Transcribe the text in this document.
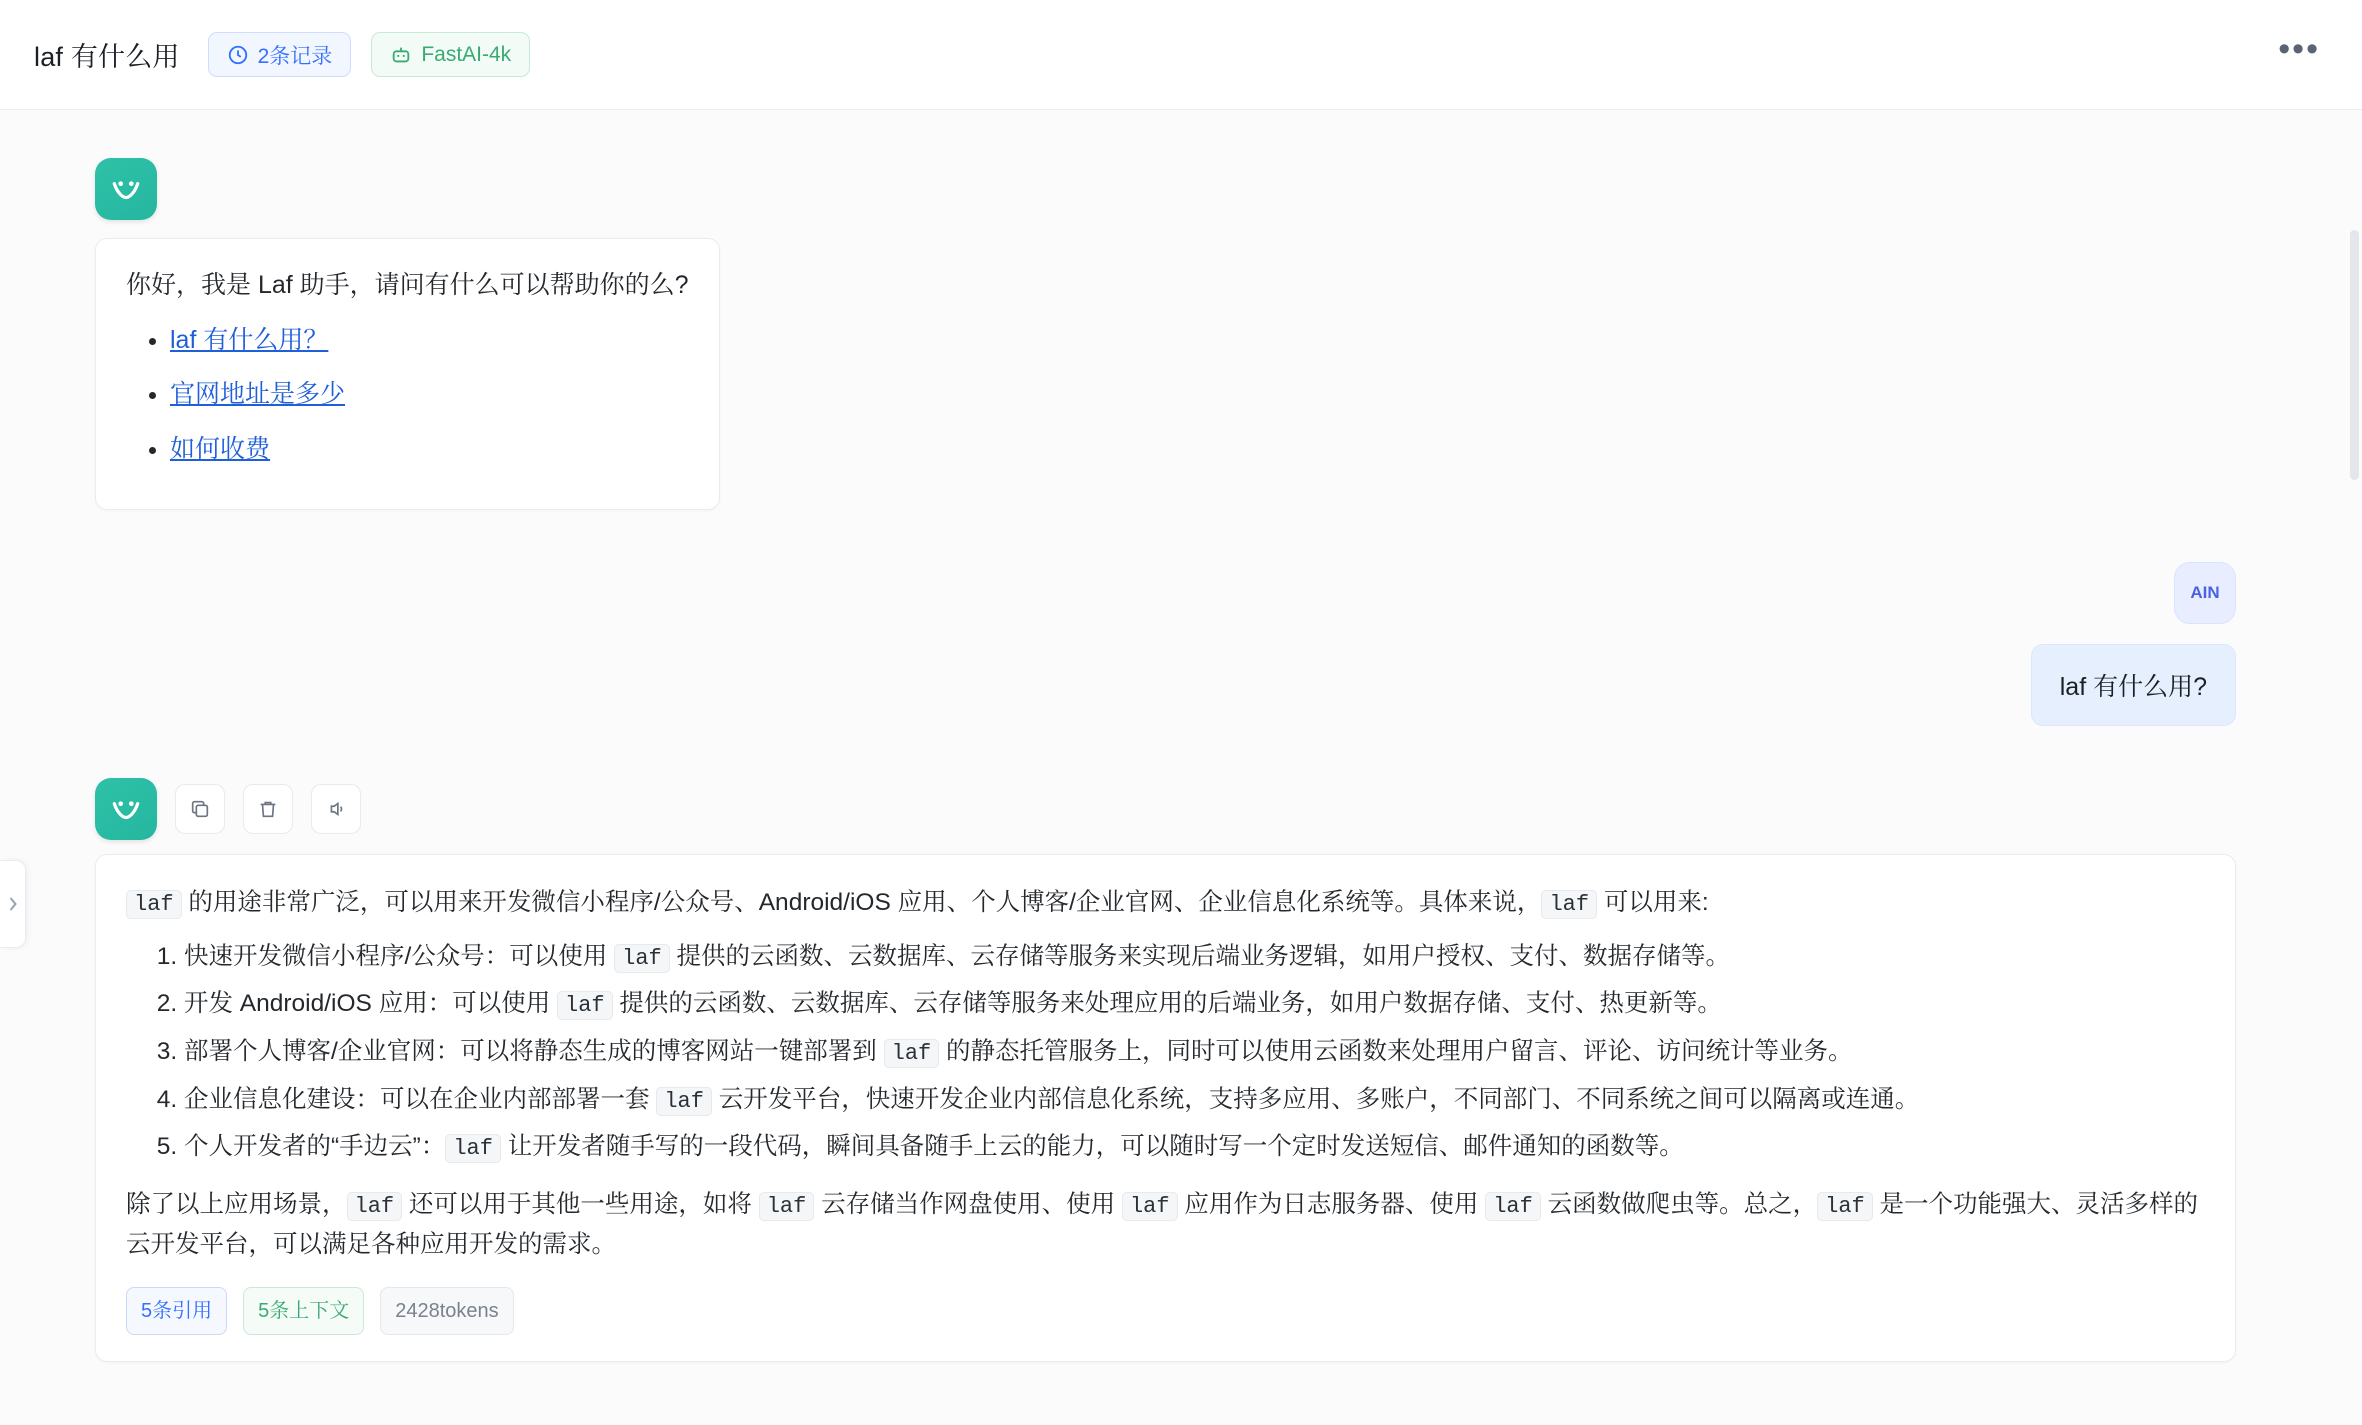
laf 有什么用	2条记录	FastAI-4k	•••

你好，我是 Laf 助手，请问有什么可以帮助你的么?

• laf 有什么用？
• 官网地址是多少
• 如何收费
AIN
laf 有什么用?

laf 的用途非常广泛，可以用来开发微信小程序/公众号、Android/iOS 应用、个人博客/企业官网、企业信息化系统等。具体来说， laf 可以用来:

1. 快速开发微信小程序/公众号：可以使用 laf 提供的云函数、云数据库、云存储等服务来实现后端业务逻辑，如用户授权、支付、数据存储等。
2. 开发 Android/iOS 应用：可以使用 laf 提供的云函数、云数据库、云存储等服务来处理应用的后端业务，如用户数据存储、支付、热更新等。
3. 部署个人博客/企业官网：可以将静态生成的博客网站一键部署到 laf 的静态托管服务上，同时可以使用云函数来处理用户留言、评论、访问统计等业务。
4. 企业信息化建设：可以在企业内部部署一套 laf 云开发平台，快速开发企业内部信息化系统，支持多应用、多账户，不同部门、不同系统之间可以隔离或连通。
5. 个人开发者的“手边云”： laf 让开发者随手写的一段代码，瞬间具备随手上云的能力，可以随时写一个定时发送短信、邮件通知的函数等。

除了以上应用场景， laf 还可以用于其他一些用途，如将 laf 云存储当作网盘使用、使用 laf 应用作为日志服务器、使用 laf 云函数做爬虫等。总之， laf 是一个功能强大、灵活多样的云开发平台，可以满足各种应用开发的需求。

5条引用	5条上下文	2428tokens
